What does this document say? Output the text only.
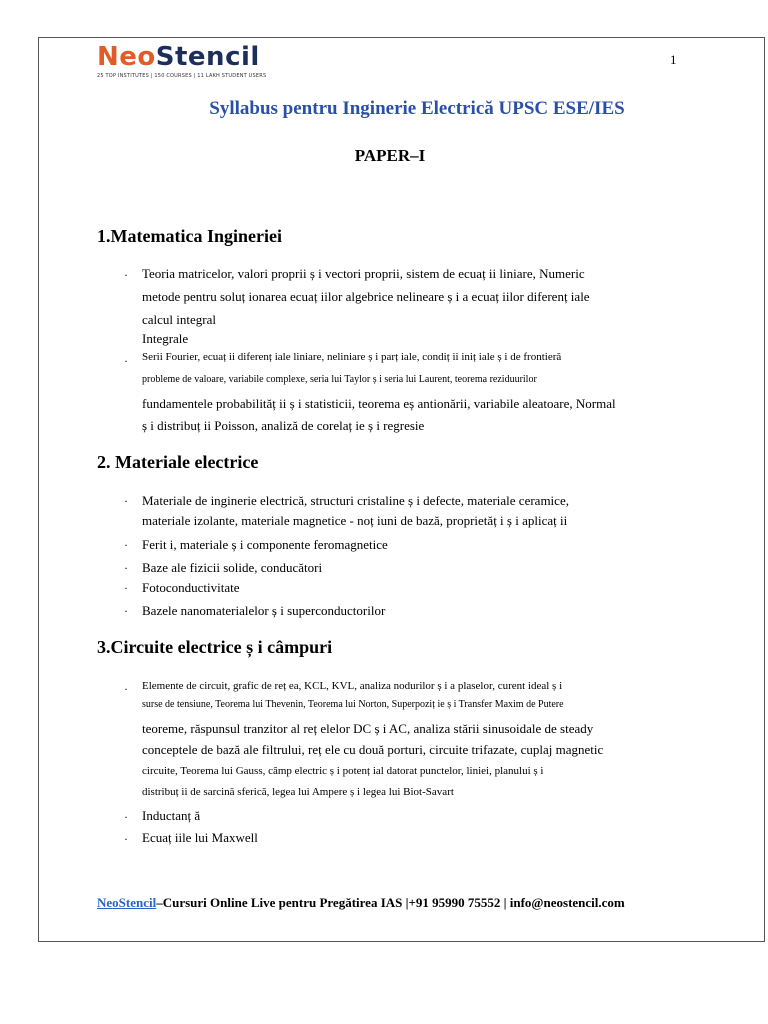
NeoStencil
25 TOP INSTITUTES | 150 COURSES | 11 LAKH STUDENT USERS
1
Syllabus pentru Inginerie Electrică UPSC ESE/IES
PAPER–I
1.Matematica Ingineriei
· Teoria matricelor, valori proprii ș i vectori proprii, sistem de ecuaț ii liniare, Numeric
metode pentru soluț ionarea ecuaț iilor algebrice nelineare ș i a ecuaț iilor diferenț iale
calcul integral
Integrale
· Serii Fourier, ecuaț ii diferenț iale liniare, neliniare ș i parț iale, condiț ii iniț iale ș i de frontieră
probleme de valoare, variabile complexe, seria lui Taylor ș i seria lui Laurent, teorema reziduurilor
fundamentele probabilităț ii ș i statisticii, teorema eș antionării, variabile aleatoare, Normal
ș i distribuț ii Poisson, analiză de corelaț ie ș i regresie
2. Materiale electrice
· Materiale de inginerie electrică, structuri cristaline ș i defecte, materiale ceramice,
materiale izolante, materiale magnetice - noț iuni de bază, proprietăț i ș i aplicaț ii
· Ferit i, materiale ș i componente feromagnetice
· Baze ale fizicii solide, conducători
· Fotoconductivitate
· Bazele nanomaterialelor ș i superconductorilor
3.Circuite electrice ș i câmpuri
· Elemente de circuit, grafic de reț ea, KCL, KVL, analiza nodurilor ș i a plaselor, curent ideal ș i
surse de tensiune, Teorema lui Thevenin, Teorema lui Norton, Superpoziț ie ș i Transfer Maxim de Putere
teoreme, răspunsul tranzitor al reț elelor DC ș i AC, analiza stării sinusoidale de steady
conceptele de bază ale filtrului, reț ele cu două porturi, circuite trifazate, cuplaj magnetic
circuite, Teorema lui Gauss, câmp electric ș i potenț ial datorat punctelor, liniei, planului ș i
distribuț ii de sarcină sferică, legea lui Ampere ș i legea lui Biot-Savart
· Inductanț ă
· Ecuaț iile lui Maxwell
NeoStencil–Cursuri Online Live pentru Pregătirea IAS |+91 95990 75552 | info@neostencil.com
